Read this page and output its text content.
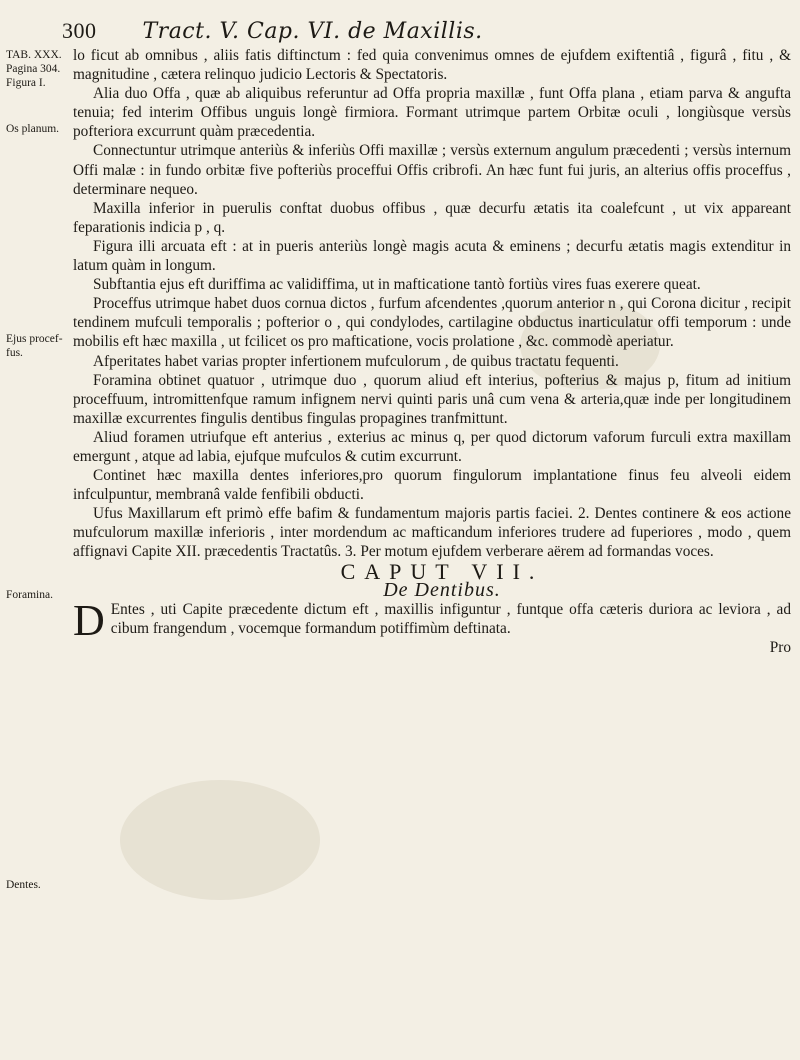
300 Tract. V. Cap. VI. de Maxillis.
TAB. XXX.
Pagina 304.
Figura I.
Os planum.
Ejus procef-
fus.
Foramina.
Dentes.

lo ficut ab omnibus , aliis fatis diftinctum : fed quia convenimus omnes de ejufdem exiftentiâ , figurâ , fitu , & magnitudine , cætera relinquo judicio Lectoris & Spectatoris.

Alia duo Offa , quæ ab aliquibus referuntur ad Offa propria maxillæ , funt Offa plana , etiam parva & angufta tenuia; fed interim Offibus unguis longè firmiora. Formant utrimque partem Orbitæ oculi , longiùsque versùs pofteriora excurrunt quàm præcedentia.

Connectuntur utrimque anteriùs & inferiùs Offi maxillæ ; versùs externum angulum præcedenti ; versùs internum Offi malæ : in fundo orbitæ five pofteriùs proceffui Offis cribrofi. An hæc funt fui juris, an alterius offis proceffus , determinare nequeo.

Maxilla inferior in puerulis conftat duobus offibus , quæ decurfu ætatis ita coalefcunt , ut vix appareant feparationis indicia p , q.

Figura illi arcuata eft : at in pueris anteriùs longè magis acuta & eminens ; decurfu ætatis magis extenditur in latum quàm in longum.

Subftantia ejus eft duriffima ac validiffima, ut in mafticatione tantò fortiùs vires fuas exerere queat.

Proceffus utrimque habet duos cornua dictos , furfum afcendentes ,quorum anterior n , qui Corona dicitur , recipit tendinem mufculi temporalis ; pofterior o , qui condylodes, cartilagine obductus inarticulatur offi temporum : unde mobilis eft hæc maxilla , ut fcilicet os pro mafticatione, vocis prolatione , &c. commodè aperiatur.

Afperitates habet varias propter infertionem mufculorum , de quibus tractatu fequenti.

Foramina obtinet quatuor , utrimque duo , quorum aliud eft interius, pofterius & majus p, fitum ad initium proceffuum, intromittenfque ramum infignem nervi quinti paris unâ cum vena & arteria,quæ inde per longitudinem maxillæ excurrentes fingulis dentibus fingulas propagines tranfmittunt.

Aliud foramen utriufque eft anterius , exterius ac minus q, per quod dictorum vaforum furculi extra maxillam emergunt , atque ad labia, ejufque mufculos & cutim excurrunt.

Continet hæc maxilla dentes inferiores,pro quorum fingulorum implantatione finus feu alveoli eidem infculpuntur, membranâ valde fenfibili obducti.

Ufus Maxillarum eft primò effe bafim & fundamentum majoris partis faciei. 2. Dentes continere & eos actione mufculorum maxillæ inferioris , inter mordendum ac mafticandum inferiores trudere ad fuperiores , modo , quem affignavi Capite XII. præcedentis Tractatûs. 3. Per motum ejufdem verberare aërem ad formandas voces.

CAPUT VII.

De Dentibus.

D Entes , uti Capite præcedente dictum eft , maxillis infiguntur , funtque offa cæteris duriora ac leviora , ad cibum frangendum , vocemque formandum potiffimùm deftinata.

Pro
